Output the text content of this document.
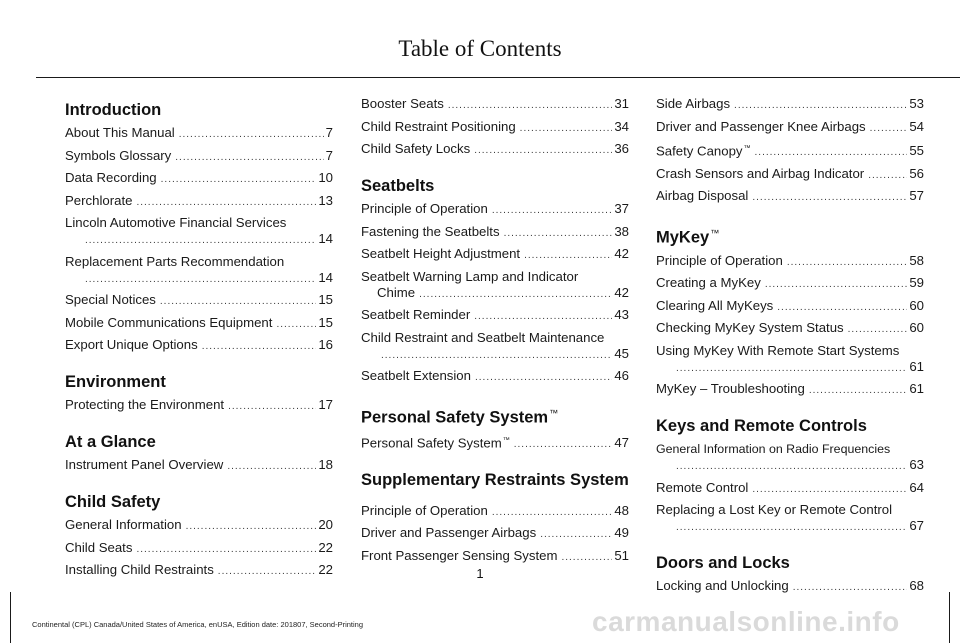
Table of Contents
Introduction
About This Manual .....	7
Symbols Glossary .....	7
Data Recording .....	10
Perchlorate .....	13
Lincoln Automotive Financial Services
.....
14
Replacement Parts Recommendation
.....
14
Special Notices .....	15
Mobile Communications Equipment .....	15
Export Unique Options .....	16
Environment
Protecting the Environment .....	17
At a Glance
Instrument Panel Overview .....	18
Child Safety
General Information .....	20
Child Seats .....	22
Installing Child Restraints .....	22
Booster Seats .....	31
Child Restraint Positioning .....	34
Child Safety Locks .....	36
Seatbelts
Principle of Operation .....	37
Fastening the Seatbelts .....	38
Seatbelt Height Adjustment .....	42
Seatbelt Warning Lamp and Indicator
Chime .....	42
Seatbelt Reminder .....	43
Child Restraint and Seatbelt Maintenance
.....
45
Seatbelt Extension .....	46
Personal Safety System™
Personal Safety System™ .....	47
Supplementary Restraints System
Principle of Operation .....	48
Driver and Passenger Airbags .....	49
Front Passenger Sensing System .....	51
Side Airbags .....	53
Driver and Passenger Knee Airbags .....	54
Safety Canopy™ .....	55
Crash Sensors and Airbag Indicator .....	56
Airbag Disposal .....	57
MyKey™
Principle of Operation .....	58
Creating a MyKey .....	59
Clearing All MyKeys .....	60
Checking MyKey System Status .....	60
Using MyKey With Remote Start Systems
.....
61
MyKey – Troubleshooting .....	61
Keys and Remote Controls
General Information on Radio Frequencies
.....
63
Remote Control .....	64
Replacing a Lost Key or Remote Control
.....
67
Doors and Locks
Locking and Unlocking .....	68
1
Continental (CPL) Canada/United States of America, enUSA, Edition date: 201807, Second-Printing	carmanualsonline.info
